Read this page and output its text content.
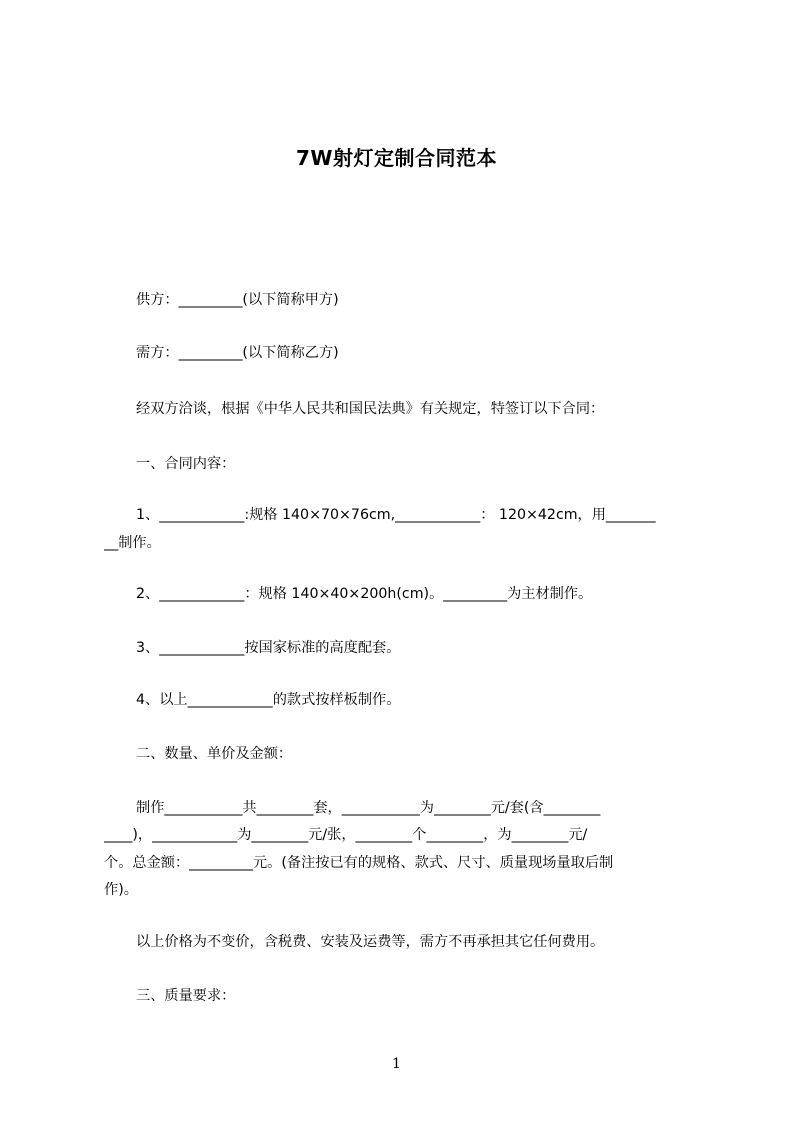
7W射灯定制合同范本
供方：_________(以下简称甲方)
需方：_________(以下简称乙方)
经双方洽谈，根据《中华人民共和国民法典》有关规定，特签订以下合同：
一、合同内容：
1、____________:规格 140×70×76cm,____________： 120×42cm，用_______
__制作。
2、____________：规格 140×40×200h(cm)。_________为主材制作。
3、____________按国家标准的高度配套。
4、以上____________的款式按样板制作。
二、数量、单价及金额：
制作___________共________套，___________为________元/套(含________
____)，____________为________元/张，________个________，为________元/
个。总金额：_________元。(备注按已有的规格、款式、尺寸、质量现场量取后制
作)。
以上价格为不变价，含税费、安装及运费等，需方不再承担其它任何费用。
三、质量要求：
1
